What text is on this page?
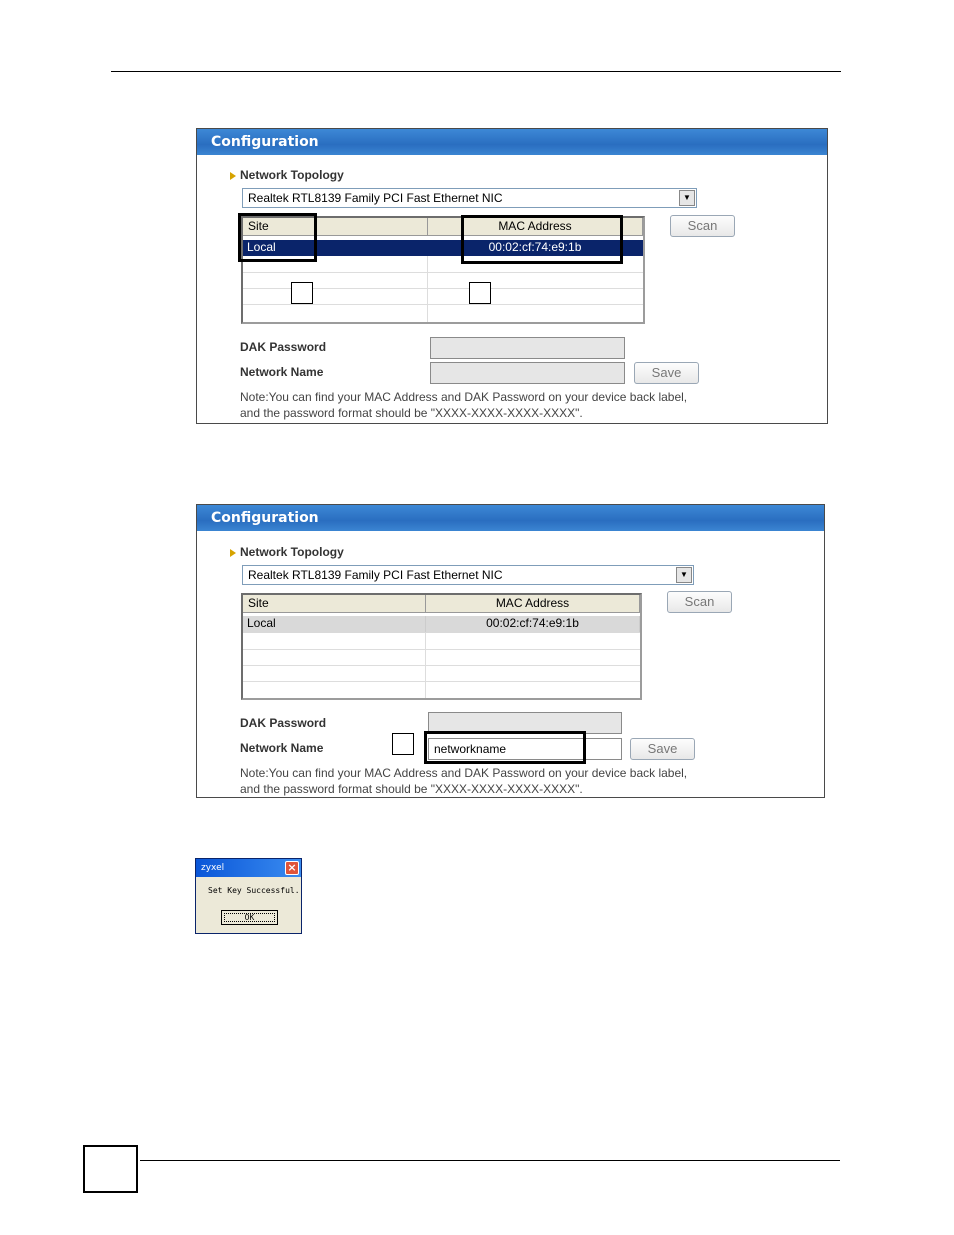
Configuration
Network Topology
Realtek RTL8139 Family PCI Fast Ethernet NIC	▼
Site	MAC Address
Local	00:02:cf:74:e9:1b
Scan
DAK Password
Network Name	Save
Note:You can find your MAC Address and DAK Password on your device back label,
and the password format should be "XXXX-XXXX-XXXX-XXXX".
Configuration
Network Topology
Realtek RTL8139 Family PCI Fast Ethernet NIC	▼
Site	MAC Address
Local	00:02:cf:74:e9:1b
Scan
DAK Password
Network Name	networkname	Save
Note:You can find your MAC Address and DAK Password on your device back label,
and the password format should be "XXXX-XXXX-XXXX-XXXX".
zyxel	×
Set Key Successful.
OK
